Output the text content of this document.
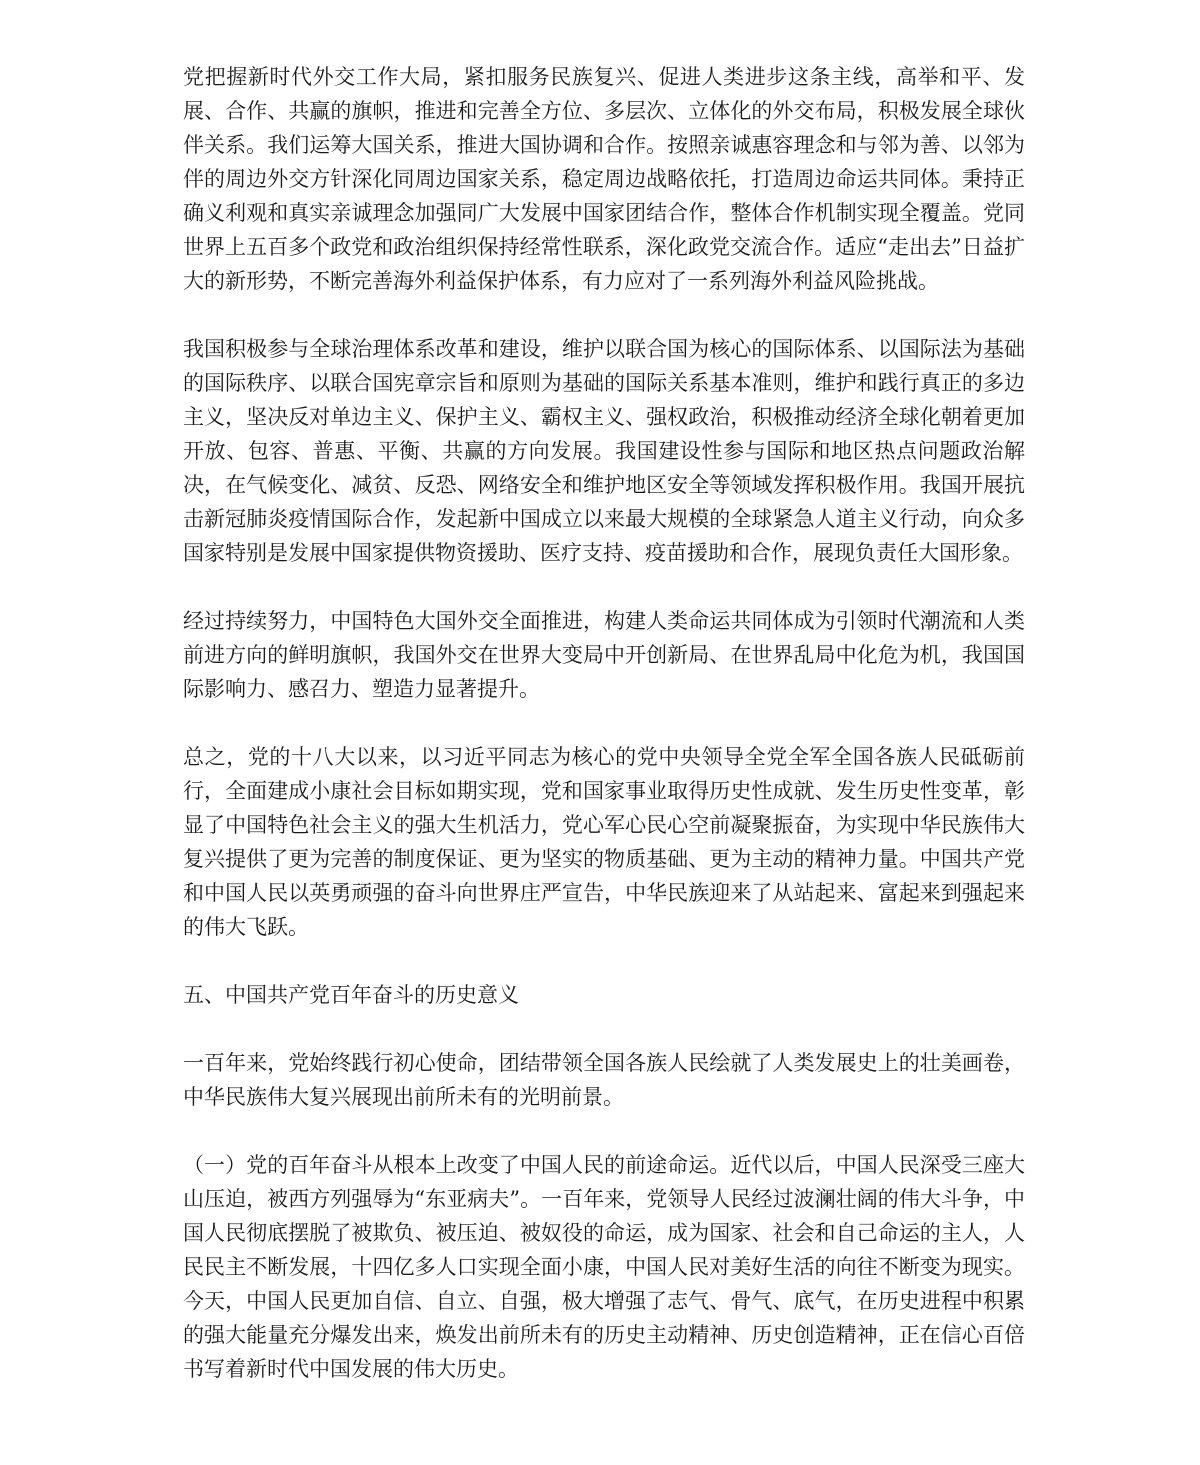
党把握新时代外交工作大局，紧扣服务民族复兴、促进人类进步这条主线，高举和平、发展、合作、共赢的旗帜，推进和完善全方位、多层次、立体化的外交布局，积极发展全球伙伴关系。我们运筹大国关系，推进大国协调和合作。按照亲诚惠容理念和与邻为善、以邻为伴的周边外交方针深化同周边国家关系，稳定周边战略依托，打造周边命运共同体。秉持正确义利观和真实亲诚理念加强同广大发展中国家团结合作，整体合作机制实现全覆盖。党同世界上五百多个政党和政治组织保持经常性联系，深化政党交流合作。适应“走出去”日益扩大的新形势，不断完善海外利益保护体系，有力应对了一系列海外利益风险挑战。

我国积极参与全球治理体系改革和建设，维护以联合国为核心的国际体系、以国际法为基础的国际秩序、以联合国宪章宗旨和原则为基础的国际关系基本准则，维护和践行真正的多边主义，坚决反对单边主义、保护主义、霸权主义、强权政治，积极推动经济全球化朝着更加开放、包容、普惠、平衡、共赢的方向发展。我国建设性参与国际和地区热点问题政治解决，在气候变化、减贫、反恐、网络安全和维护地区安全等领域发挥积极作用。我国开展抗击新冠肺炎疫情国际合作，发起新中国成立以来最大规模的全球紧急人道主义行动，向众多国家特别是发展中国家提供物资援助、医疗支持、疫苗援助和合作，展现负责任大国形象。

经过持续努力，中国特色大国外交全面推进，构建人类命运共同体成为引领时代潮流和人类前进方向的鲜明旗帜，我国外交在世界大变局中开创新局、在世界乱局中化危为机，我国国际影响力、感召力、塑造力显著提升。

总之，党的十八大以来，以习近平同志为核心的党中央领导全党全军全国各族人民砥砺前行，全面建成小康社会目标如期实现，党和国家事业取得历史性成就、发生历史性变革，彰显了中国特色社会主义的强大生机活力，党心军心民心空前凝聚振奋，为实现中华民族伟大复兴提供了更为完善的制度保证、更为坚实的物质基础、更为主动的精神力量。中国共产党和中国人民以英勇顽强的奋斗向世界庄严宣告，中华民族迎来了从站起来、富起来到强起来的伟大飞跃。

五、中国共产党百年奋斗的历史意义

一百年来，党始终践行初心使命，团结带领全国各族人民绘就了人类发展史上的壮美画卷，中华民族伟大复兴展现出前所未有的光明前景。

（一）党的百年奋斗从根本上改变了中国人民的前途命运。近代以后，中国人民深受三座大山压迫，被西方列强辱为“东亚病夫”。一百年来，党领导人民经过波澜壮阔的伟大斗争，中国人民彻底摆脱了被欺负、被压迫、被奴役的命运，成为国家、社会和自己命运的主人，人民民主不断发展，十四亿多人口实现全面小康，中国人民对美好生活的向往不断变为现实。今天，中国人民更加自信、自立、自强，极大增强了志气、骨气、底气，在历史进程中积累的强大能量充分爆发出来，焕发出前所未有的历史主动精神、历史创造精神，正在信心百倍书写着新时代中国发展的伟大历史。
